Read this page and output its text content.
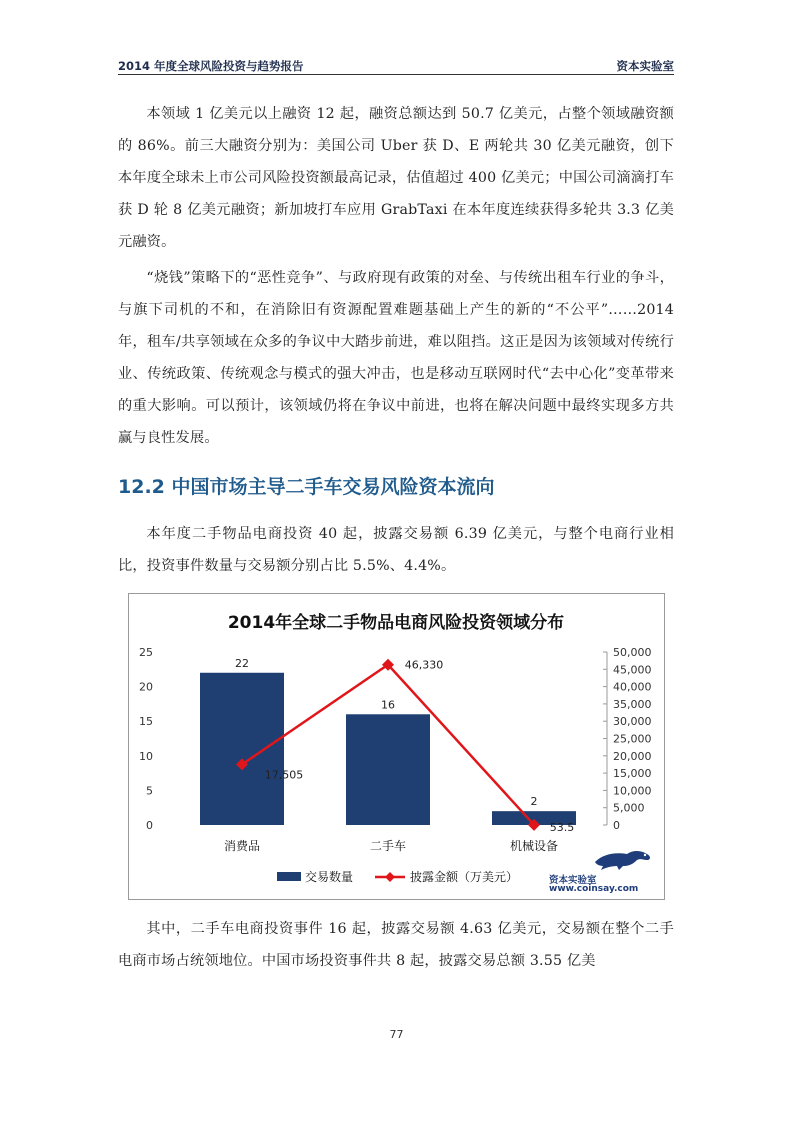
2014 年度全球风险投资与趋势报告	资本实验室

本领域 1 亿美元以上融资 12 起，融资总额达到 50.7 亿美元，占整个领域融资额的 86%。前三大融资分别为：美国公司 Uber 获 D、E 两轮共 30 亿美元融资，创下本年度全球未上市公司风险投资额最高记录，估值超过 400 亿美元；中国公司滴滴打车获 D 轮 8 亿美元融资；新加坡打车应用 GrabTaxi 在本年度连续获得多轮共 3.3 亿美元融资。

“烧钱”策略下的“恶性竞争”、与政府现有政策的对垒、与传统出租车行业的争斗，与旗下司机的不和，在消除旧有资源配置难题基础上产生的新的“不公平”……2014 年，租车/共享领域在众多的争议中大踏步前进，难以阻挡。这正是因为该领域对传统行业、传统政策、传统观念与模式的强大冲击，也是移动互联网时代“去中心化”变革带来的重大影响。可以预计，该领域仍将在争议中前进，也将在解决问题中最终实现多方共赢与良性发展。

12.2 中国市场主导二手车交易风险资本流向

本年度二手物品电商投资 40 起，披露交易额 6.39 亿美元，与整个电商行业相比，投资事件数量与交易额分别占比 5.5%、4.4%。

2014年全球二手物品电商风险投资领域分布
0
5
10
15
20
25
0
5,000
10,000
15,000
20,000
25,000
30,000
35,000
40,000
45,000
50,000
22
16
2
消费品	二手车	机械设备
17,505
46,330
53.5
交易数量	披露金额（万美元）	资本实验室
www.coinsay.com

其中，二手车电商投资事件 16 起，披露交易额 4.63 亿美元，交易额在整个二手电商市场占统领地位。中国市场投资事件共 8 起，披露交易总额 3.55 亿美

77
